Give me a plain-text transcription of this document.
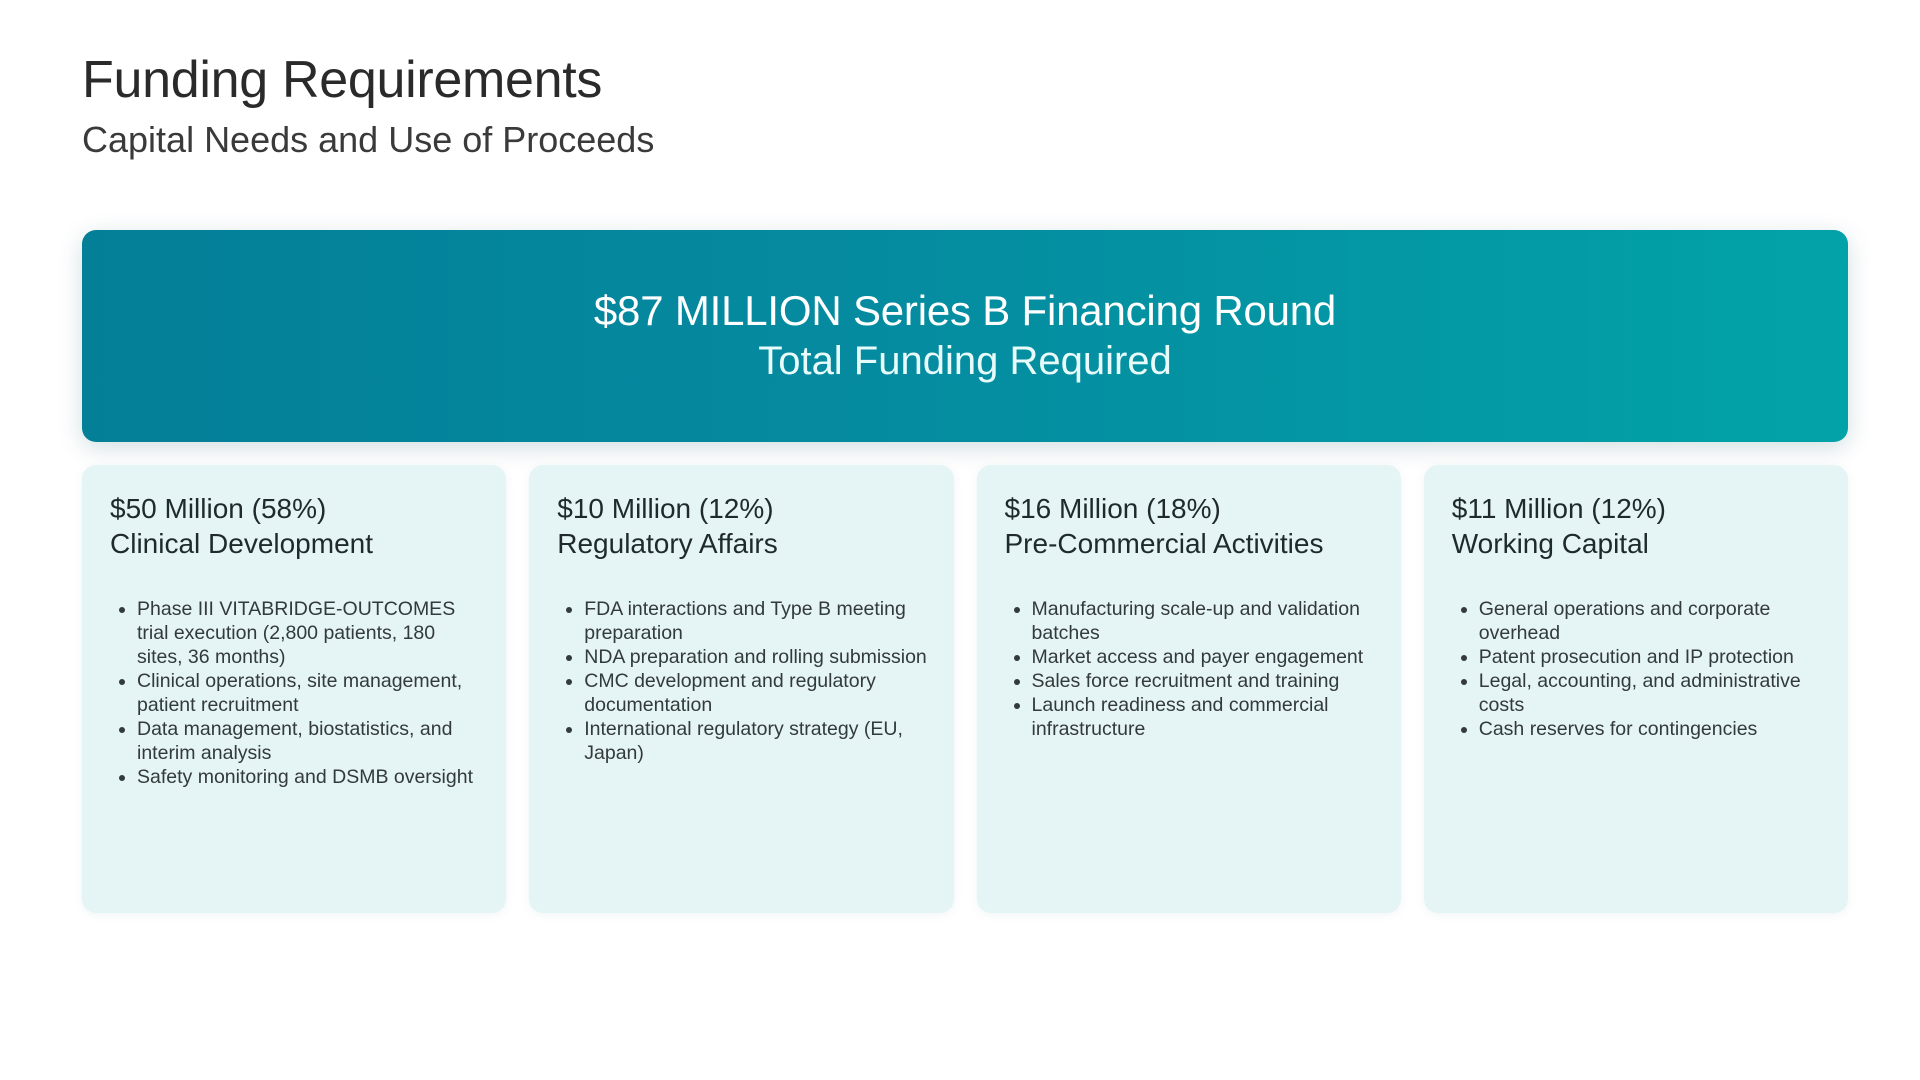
Funding Requirements
Capital Needs and Use of Proceeds
$87 MILLION Series B Financing Round
Total Funding Required
$50 Million (58%)
Clinical Development
• Phase III VITABRIDGE-OUTCOMES trial execution (2,800 patients, 180 sites, 36 months)
• Clinical operations, site management, patient recruitment
• Data management, biostatistics, and interim analysis
• Safety monitoring and DSMB oversight
$10 Million (12%)
Regulatory Affairs
• FDA interactions and Type B meeting preparation
• NDA preparation and rolling submission
• CMC development and regulatory documentation
• International regulatory strategy (EU, Japan)
$16 Million (18%)
Pre-Commercial Activities
• Manufacturing scale-up and validation batches
• Market access and payer engagement
• Sales force recruitment and training
• Launch readiness and commercial infrastructure
$11 Million (12%)
Working Capital
• General operations and corporate overhead
• Patent prosecution and IP protection
• Legal, accounting, and administrative costs
• Cash reserves for contingencies
